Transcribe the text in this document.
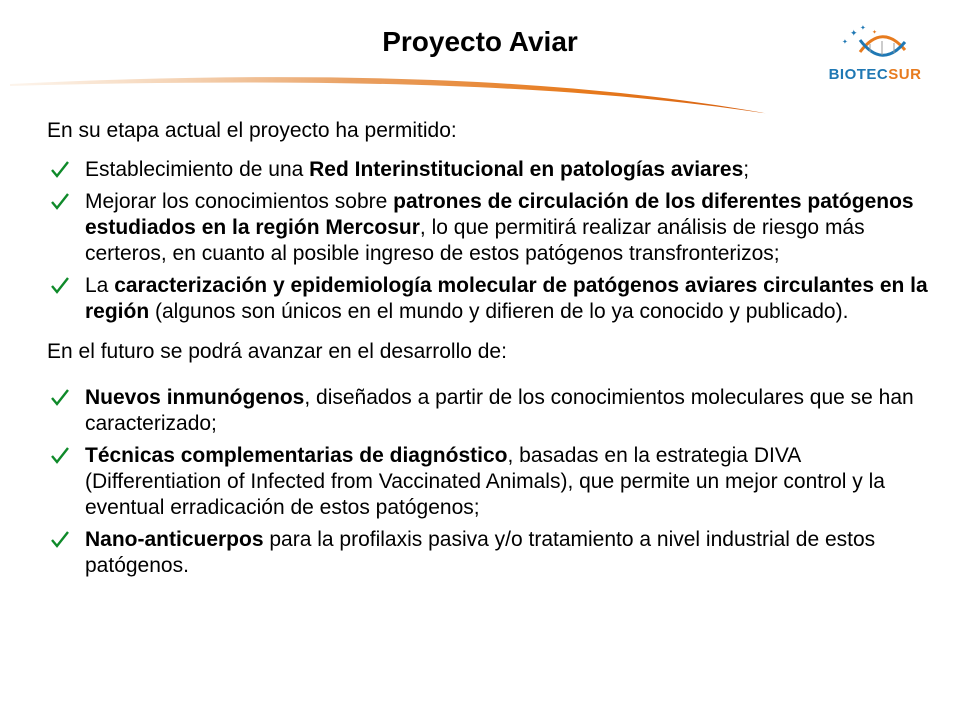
Proyecto Aviar	✦
✦
✦
✦
BIOTECSUR

En su etapa actual el proyecto ha permitido:

Establecimiento de una Red Interinstitucional en patologías aviares;
Mejorar los conocimientos sobre patrones de circulación de los diferentes patógenos estudiados en la región Mercosur, lo que permitirá realizar análisis de riesgo más certeros, en cuanto al posible ingreso de estos patógenos transfronterizos;
La caracterización y epidemiología molecular de patógenos aviares circulantes en la región (algunos son únicos en el mundo y difieren de lo ya conocido y publicado).

En el futuro se podrá avanzar en el desarrollo de:

Nuevos inmunógenos, diseñados a partir de los conocimientos moleculares que se han caracterizado;
Técnicas complementarias de diagnóstico, basadas en la estrategia DIVA (Differentiation of Infected from Vaccinated Animals), que permite un mejor control y la eventual erradicación de estos patógenos;
Nano-anticuerpos para la profilaxis pasiva y/o tratamiento a nivel industrial de estos patógenos.
